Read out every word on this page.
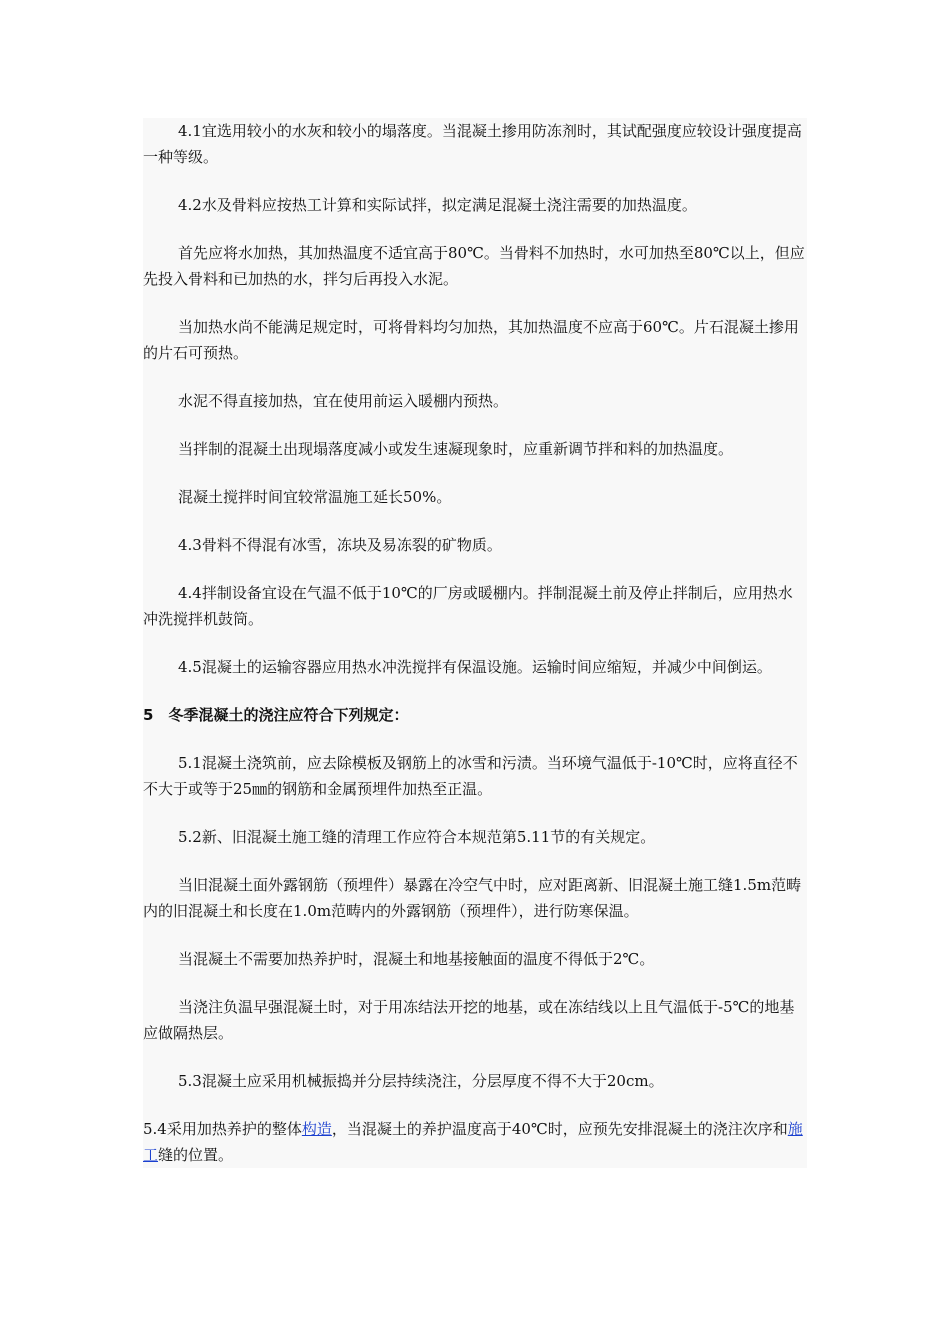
4.1宜选用较小的水灰和较小的塌落度。当混凝土掺用防冻剂时，其试配强度应较设计强度提高一种等级。

4.2水及骨料应按热工计算和实际试拌，拟定满足混凝土浇注需要的加热温度。

首先应将水加热，其加热温度不适宜高于80℃。当骨料不加热时，水可加热至80℃以上，但应先投入骨料和已加热的水，拌匀后再投入水泥。

当加热水尚不能满足规定时，可将骨料均匀加热，其加热温度不应高于60℃。片石混凝土掺用的片石可预热。

水泥不得直接加热，宜在使用前运入暖棚内预热。

当拌制的混凝土出现塌落度减小或发生速凝现象时，应重新调节拌和料的加热温度。

混凝土搅拌时间宜较常温施工延长50%。

4.3骨料不得混有冰雪，冻块及易冻裂的矿物质。

4.4拌制设备宜设在气温不低于10℃的厂房或暖棚内。拌制混凝土前及停止拌制后，应用热水冲洗搅拌机鼓筒。

4.5混凝土的运输容器应用热水冲洗搅拌有保温设施。运输时间应缩短，并减少中间倒运。

5　冬季混凝土的浇注应符合下列规定：

5.1混凝土浇筑前，应去除模板及钢筋上的冰雪和污渍。当环境气温低于-10℃时，应将直径不不大于或等于25㎜的钢筋和金属预埋件加热至正温。

5.2新、旧混凝土施工缝的清理工作应符合本规范第5.11节的有关规定。

当旧混凝土面外露钢筋（预埋件）暴露在冷空气中时，应对距离新、旧混凝土施工缝1.5m范畴内的旧混凝土和长度在1.0m范畴内的外露钢筋（预埋件），进行防寒保温。

当混凝土不需要加热养护时，混凝土和地基接触面的温度不得低于2℃。

当浇注负温早强混凝土时，对于用冻结法开挖的地基，或在冻结线以上且气温低于-5℃的地基应做隔热层。

5.3混凝土应采用机械振捣并分层持续浇注，分层厚度不得不大于20cm。

5.4采用加热养护的整体构造，当混凝土的养护温度高于40℃时，应预先安排混凝土的浇注次序和施工缝的位置。
